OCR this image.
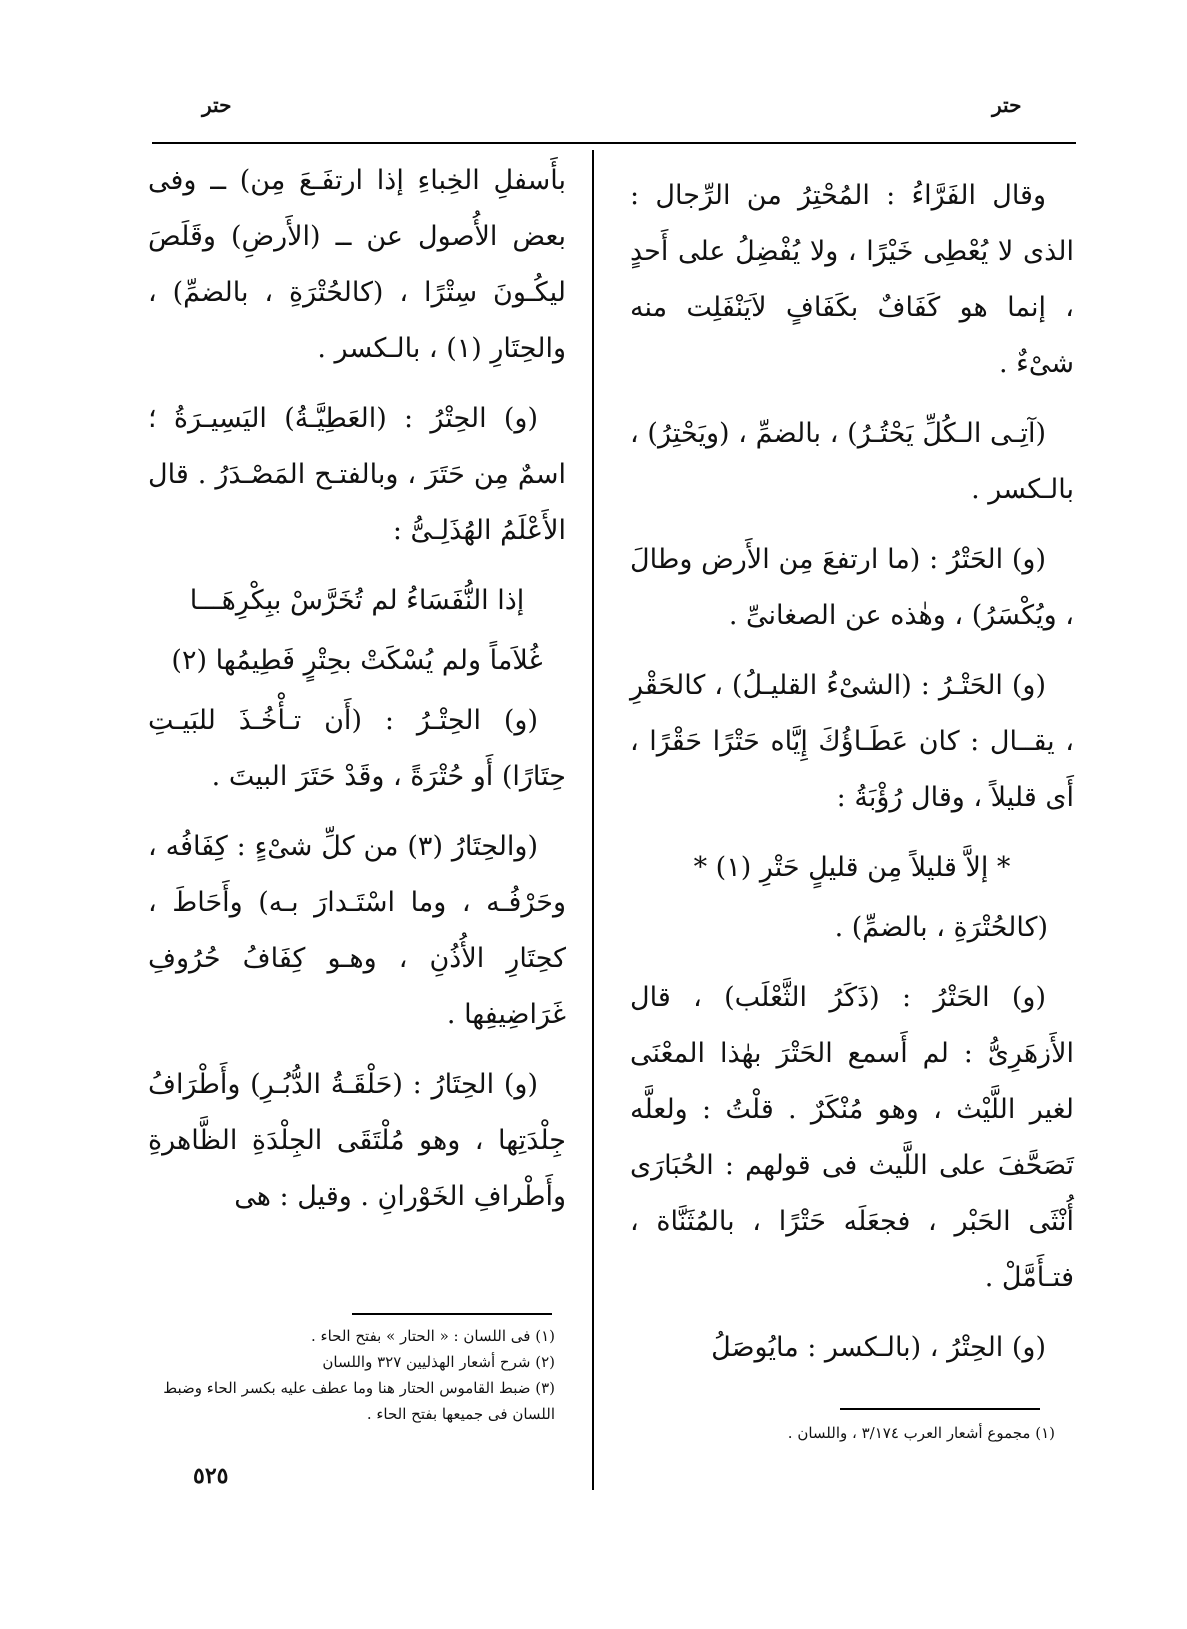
حتر
حتر

وقال الفَرَّاءُ : المُحْتِرُ من الرِّجال : الذى لا يُعْطِى خَيْرًا ، ولا يُفْضِلُ على أَحدٍ ، إنما هو كَفَافٌ بكَفَافٍ لاَيَنْفَلِت منه شىْءٌ .

(آتِـى الـكُلِّ يَحْتُـرُ) ، بالضمِّ ، (ويَحْتِرُ) ، بالـكسر .

(و) الحَتْرُ : (ما ارتفعَ مِن الأَرض وطالَ ، ويُكْسَرُ) ، وهٰذه عن الصغانىِّ .

(و) الحَتْـرُ : (الشىْءُ القليـلُ) ، كالحَقْرِ ، يقــال : كان عَطَـاؤُكَ إِيَّاه حَتْرًا حَقْرًا ، أَى قليلاً ، وقال رُؤْبَةُ :

* إلاَّ قليلاً مِن قليلٍ حَتْرِ (١) *

(كالحُتْرَةِ ، بالضمِّ) .

(و) الحَتْرُ : (ذَكَرُ الثَّعْلَب) ، قال الأَزهَرِىُّ : لم أَسمع الحَتْرَ بهٰذا المعْنَى لغير اللَّيْث ، وهو مُنْكَرٌ . قلْتُ : ولعلَّه تَصَحَّفَ على اللَّيث فى قولهم : الحُبَارَى أُنْثَى الحَبْر ، فجعَلَه حَتْرًا ، بالمُثَنَّاة ، فتـأَمَّلْ .

(و) الحِتْرُ ، (بالـكسر : مايُوصَلُ

بأَسفلِ الخِباءِ إذا ارتفَـعَ مِن) ــ وفى بعض الأُصول عن ــ (الأَرضِ) وقَلَصَ ليكُـونَ سِتْرًا ، (كالحُتْرَةِ ، بالضمِّ) ، والحِتَارِ (١) ، بالـكسر .

(و) الحِتْرُ : (العَطِيَّـةُ) اليَسِيـرَةُ ؛ اسمٌ مِن حَتَرَ ، وبالفتـح المَصْـدَرُ . قال الأَعْلَمُ الهُذَلِـىُّ :

إذا النُّفَسَاءُ لم تُخَرَّسْ ببِكْرِهَـــا

غُلاَماً ولم يُسْكَتْ بحِتْرٍ فَطِيمُها (٢)

(و) الحِتْـرُ : (أَن تـأْخُـذَ للبَيـتِ حِتَارًا) أَو حُتْرَةً ، وقَدْ حَتَرَ البيتَ .

(والحِتَارُ (٣) من كلِّ شىْءٍ : كِفَافُه ، وحَرْفُـه ، وما اسْتَـدارَ بـه) وأَحَاطَ ، كحِتَارِ الأُذُنِ ، وهـو كِفَافُ حُرُوفِ غَرَاضِيفِها .

(و) الحِتَارُ : (حَلْقَـةُ الدُّبُـرِ) وأَطْرَافُ جِلْدَتِها ، وهو مُلْتَقَى الجِلْدَةِ الظَّاهرةِ وأَطْرافِ الخَوْرانِ . وقيل : هى

(١) فى اللسان : « الحتار » بفتح الحاء .
(٢) شرح أشعار الهذليين ٣٢٧ واللسان
(٣) ضبط القاموس الحتار هنا وما عطف عليه بكسر الحاء وضبط اللسان فى جميعها بفتح الحاء .
(١) مجموع أشعار العرب ٣/١٧٤ ، واللسان .
٥٢٥
